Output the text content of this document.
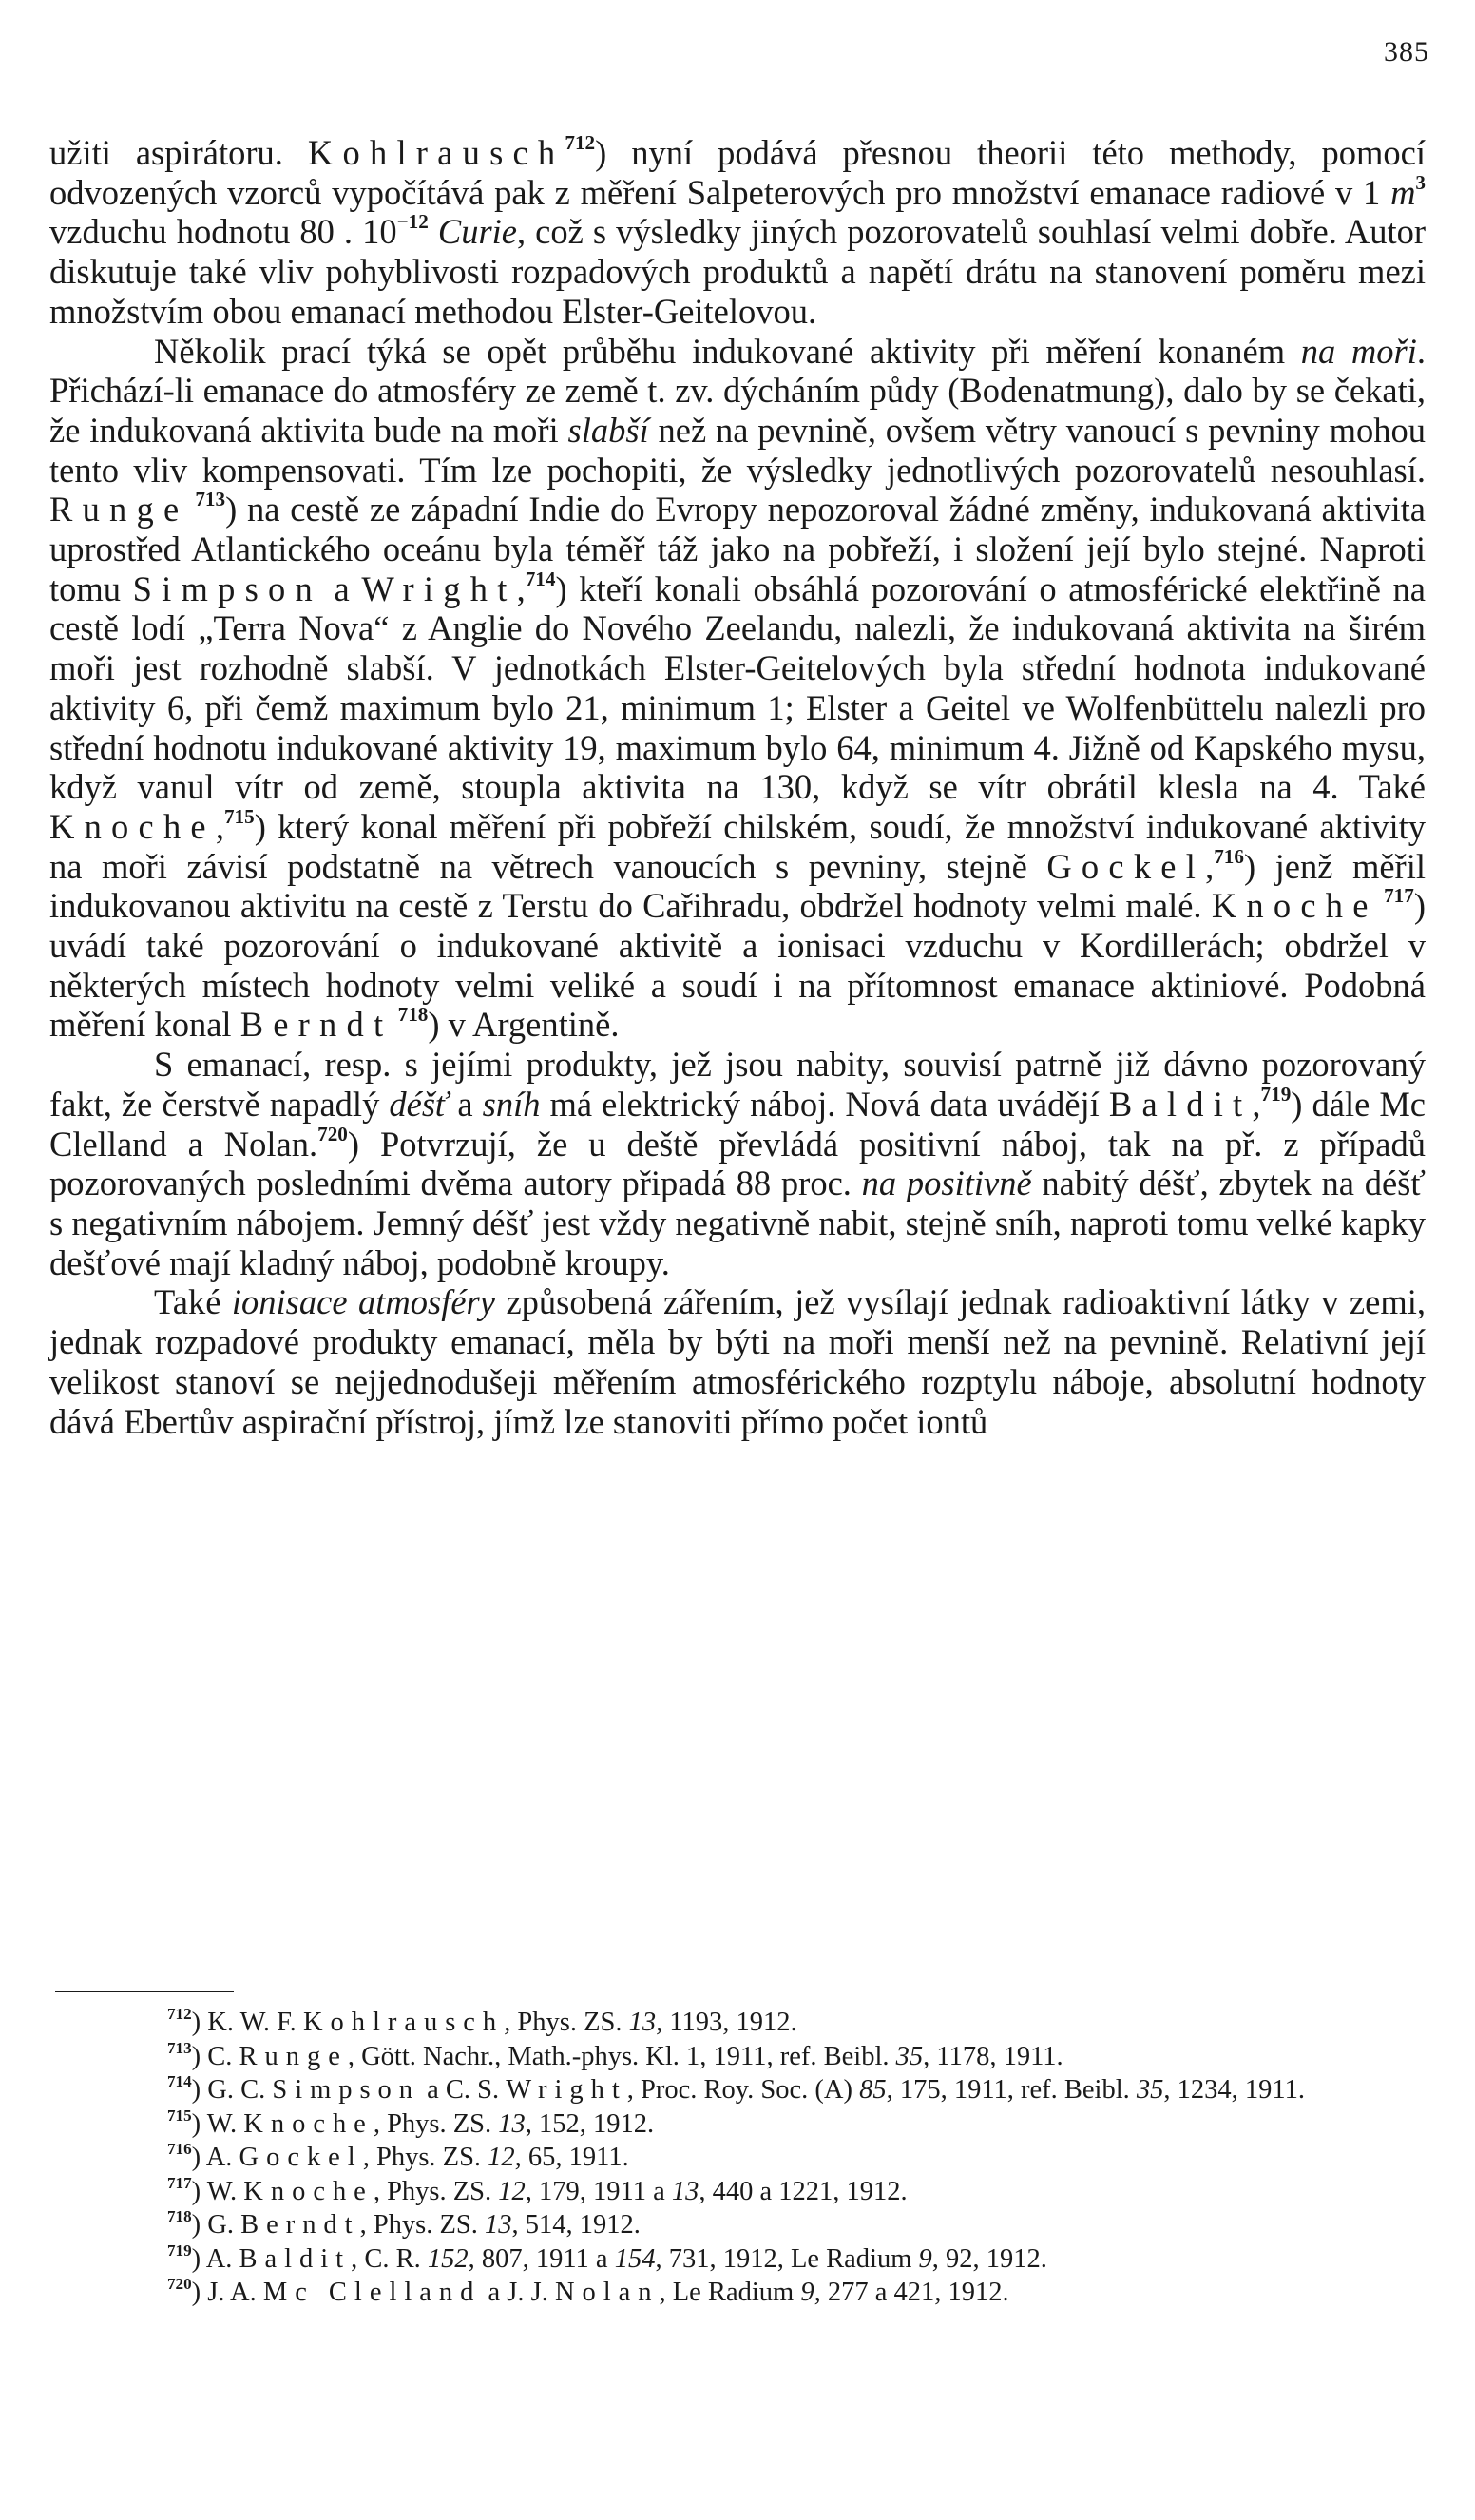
385

užiti aspirátoru. Kohlrausch$^{712}$) nyní podává přesnou theorii této methody, pomocí odvozených vzorců vypočítává pak z měření Salpeterových pro množství emanace radiové v 1 $m^3$ vzduchu hodnotu 80 . $10^{-12}$ Curie, což s výsledky jiných pozorovatelů souhlasí velmi dobře. Autor diskutuje také vliv pohyblivosti rozpadových produktů a napětí drátu na stanovení poměru mezi množstvím obou emanací methodou Elster-Geitelovou.

Několik prací týká se opět průběhu indukované aktivity při měření konaném na moři. Přichází-li emanace do atmosféry ze země t. zv. dýcháním půdy (Bodenatmung), dalo by se čekati, že indukovaná aktivita bude na moři slabší než na pevnině, ovšem větry vanoucí s pevniny mohou tento vliv kompensovati. Tím lze pochopiti, že výsledky jednotlivých pozorovatelů nesouhlasí. Runge $^{713}$) na cestě ze západní Indie do Evropy nepozoroval žádné změny, indukovaná aktivita uprostřed Atlantického oceánu byla téměř táž jako na pobřeží, i složení její bylo stejné. Naproti tomu Simpson a Wright,$^{714}$) kteří konali obsáhlá pozorování o atmosférické elektřině na cestě lodí „Terra Nova“ z Anglie do Nového Zeelandu, nalezli, že indukovaná aktivita na širém moři jest rozhodně slabší. V jednotkách Elster-Geitelových byla střední hodnota indukované aktivity 6, při čemž maximum bylo 21, minimum 1; Elster a Geitel ve Wolfenbüttelu nalezli pro střední hodnotu indukované aktivity 19, maximum bylo 64, minimum 4. Jižně od Kapského mysu, když vanul vítr od země, stoupla aktivita na 130, když se vítr obrátil klesla na 4. Také Knoche,$^{715}$) který konal měření při pobřeží chilském, soudí, že množství indukované aktivity na moři závisí podstatně na větrech vanoucích s pevniny, stejně Gockel,$^{716}$) jenž měřil indukovanou aktivitu na cestě z Terstu do Cařihradu, obdržel hodnoty velmi malé. Knoche $^{717}$) uvádí také pozorování o indukované aktivitě a ionisaci vzduchu v Kordillerách; obdržel v některých místech hodnoty velmi veliké a soudí i na přítomnost emanace aktiniové. Podobná měření konal Berndt $^{718}$) v Argentině.

S emanací, resp. s jejími produkty, jež jsou nabity, souvisí patrně již dávno pozorovaný fakt, že čerstvě napadlý déšť a sníh má elektrický náboj. Nová data uvádějí Baldit,$^{719}$) dále Mc Clelland a Nolan.$^{720}$) Potvrzují, že u deště převládá positivní náboj, tak na př. z případů pozorovaných posledními dvěma autory připadá 88 proc. na positivně nabitý déšť, zbytek na déšť s negativním nábojem. Jemný déšť jest vždy negativně nabit, stejně sníh, naproti tomu velké kapky dešťové mají kladný náboj, podobně kroupy.

Také ionisace atmosféry způsobená zářením, jež vysílají jednak radioaktivní látky v zemi, jednak rozpadové produkty emanací, měla by býti na moři menší než na pevnině. Relativní její velikost stanoví se nejjednodušeji měřením atmosférického rozptylu náboje, absolutní hodnoty dává Ebertův aspirační přístroj, jímž lze stanoviti přímo počet iontů

$^{712}$) K. W. F. Kohlrausch, Phys. ZS. 13, 1193, 1912.

$^{713}$) C. Runge, Gött. Nachr., Math.-phys. Kl. 1, 1911, ref. Beibl. 35, 1178, 1911.

$^{714}$) G. C. Simpson a C. S. Wright, Proc. Roy. Soc. (A) 85, 175, 1911, ref. Beibl. 35, 1234, 1911.

$^{715}$) W. Knoche, Phys. ZS. 13, 152, 1912.

$^{716}$) A. Gockel, Phys. ZS. 12, 65, 1911.

$^{717}$) W. Knoche, Phys. ZS. 12, 179, 1911 a 13, 440 a 1221, 1912.

$^{718}$) G. Berndt, Phys. ZS. 13, 514, 1912.

$^{719}$) A. Baldit, C. R. 152, 807, 1911 a 154, 731, 1912, Le Radium 9, 92, 1912.

$^{720}$) J. A. Mc Clelland a J. J. Nolan, Le Radium 9, 277 a 421, 1912.
